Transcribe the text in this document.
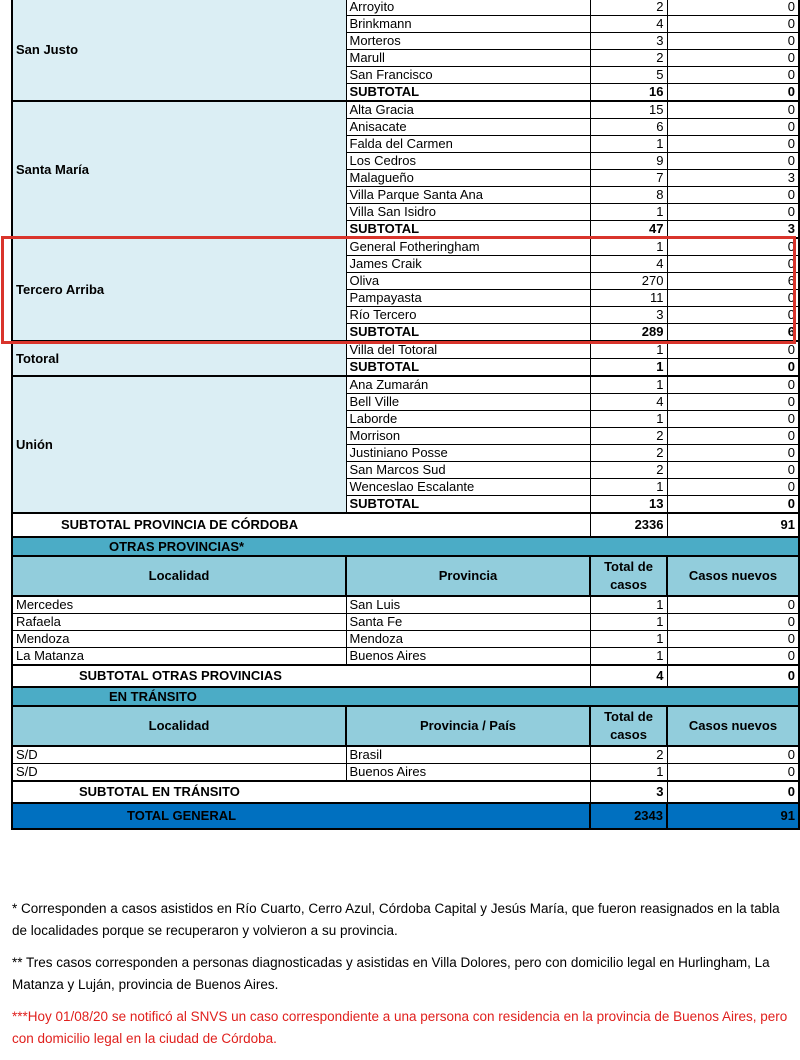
San Justo	Arroyito	2	0
	Brinkmann	4	0
	Morteros	3	0
	Marull	2	0
	San Francisco	5	0
	SUBTOTAL	16	0
Santa María	Alta Gracia	15	0
	Anisacate	6	0
	Falda del Carmen	1	0
	Los Cedros	9	0
	Malagueño	7	3
	Villa Parque Santa Ana	8	0
	Villa San Isidro	1	0
	SUBTOTAL	47	3
Tercero Arriba	General Fotheringham	1	0
	James Craik	4	0
	Oliva	270	6
	Pampayasta	11	0
	Río Tercero	3	0
	SUBTOTAL	289	6
Totoral	Villa del Totoral	1	0
	SUBTOTAL	1	0
Unión	Ana Zumarán	1	0
	Bell Ville	4	0
	Laborde	1	0
	Morrison	2	0
	Justiniano Posse	2	0
	San Marcos Sud	2	0
	Wenceslao Escalante	1	0
	SUBTOTAL	13	0
SUBTOTAL PROVINCIA DE CÓRDOBA		2336	91
OTRAS PROVINCIAS*			
Localidad	Provincia	Total de casos	Casos nuevos
Mercedes	San Luis	1	0
Rafaela	Santa Fe	1	0
Mendoza	Mendoza	1	0
La Matanza	Buenos Aires	1	0
SUBTOTAL OTRAS PROVINCIAS		4	0
EN TRÁNSITO			
Localidad	Provincia / País	Total de casos	Casos nuevos
S/D	Brasil	2	0
S/D	Buenos Aires	1	0
SUBTOTAL EN TRÁNSITO		3	0
TOTAL GENERAL		2343	91

* Corresponden a casos asistidos en Río Cuarto, Cerro Azul, Córdoba Capital y Jesús María, que fueron reasignados en la tabla de localidades porque se recuperaron y volvieron a su provincia.

** Tres casos corresponden a personas diagnosticadas y asistidas en Villa Dolores, pero con domicilio legal en Hurlingham, La Matanza y Luján, provincia de Buenos Aires.

***Hoy 01/08/20 se notificó al SNVS un caso correspondiente a una persona con residencia en la provincia de Buenos Aires, pero con domicilio legal en la ciudad de Córdoba.
